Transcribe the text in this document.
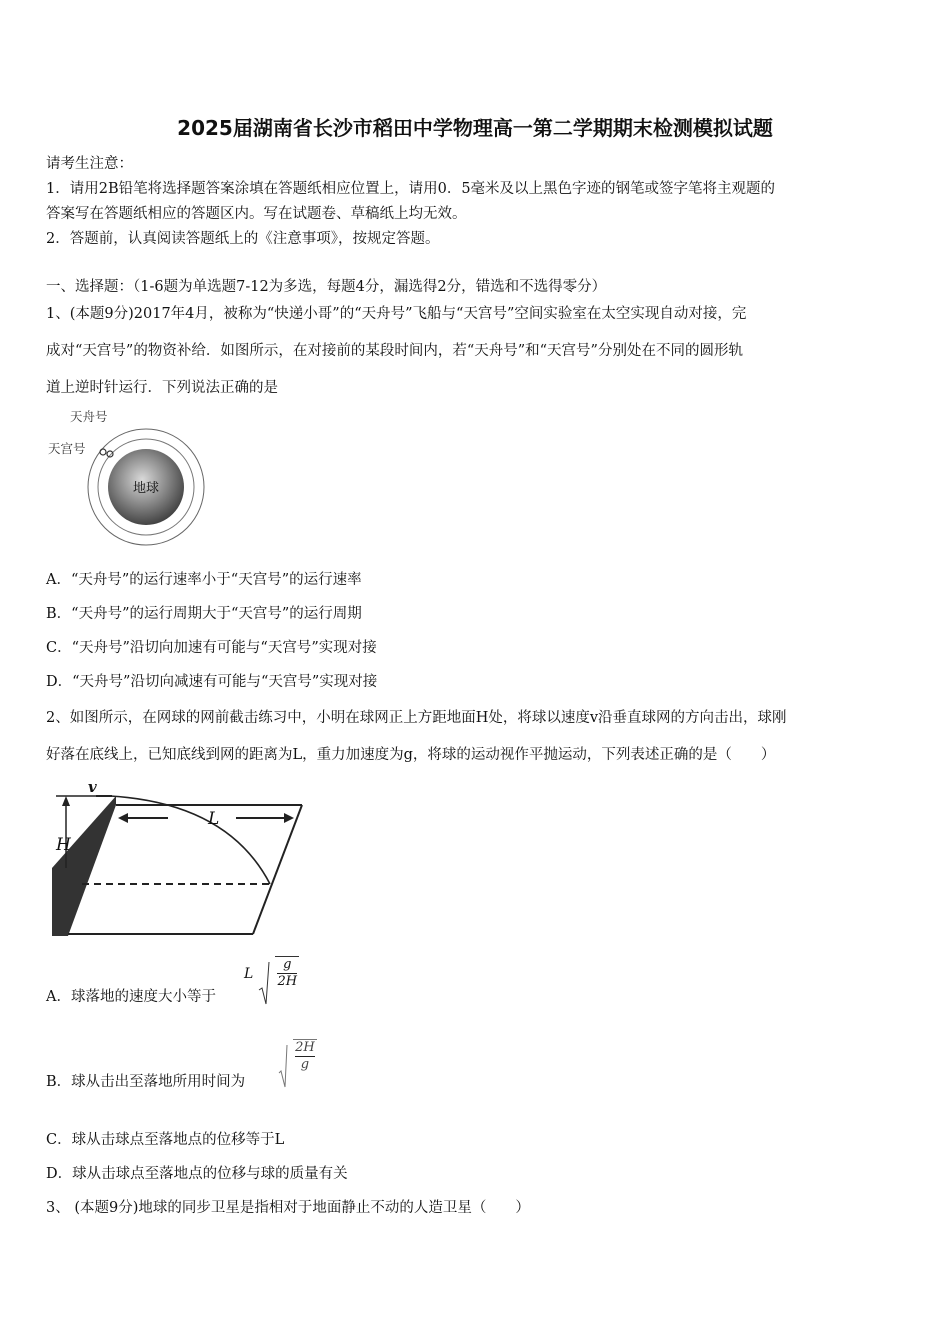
2025届湖南省长沙市稻田中学物理高一第二学期期末检测模拟试题
请考生注意：
1．请用2B铅笔将选择题答案涂填在答题纸相应位置上，请用0．5毫米及以上黑色字迹的钢笔或签字笔将主观题的
答案写在答题纸相应的答题区内。写在试题卷、草稿纸上均无效。
2．答题前，认真阅读答题纸上的《注意事项》，按规定答题。
一、选择题：（1-6题为单选题7-12为多选，每题4分，漏选得2分，错选和不选得零分）
1、(本题9分)2017年4月，被称为“快递小哥”的“天舟号”飞船与“天宫号”空间实验室在太空实现自动对接，完
成对“天宫号”的物资补给．如图所示，在对接前的某段时间内，若“天舟号”和“天宫号”分别处在不同的圆形轨
道上逆时针运行．下列说法正确的是
地球
天舟号
天宫号
A．“天舟号”的运行速率小于“天宫号”的运行速率
B．“天舟号”的运行周期大于“天宫号”的运行周期
C．“天舟号”沿切向加速有可能与“天宫号”实现对接
D．“天舟号”沿切向减速有可能与“天宫号”实现对接
2、如图所示，在网球的网前截击练习中，小明在球网正上方距地面H处，将球以速度v沿垂直球网的方向击出，球刚
好落在底线上，已知底线到网的距离为L，重力加速度为g，将球的运动视作平抛运动，下列表述正确的是（　　）
L
H
v
A．球落地的速度大小等于
L $\frac{g}{2H}$
B．球从击出至落地所用时间为

$\frac{2H}{g}$
C．球从击球点至落地点的位移等于L
D．球从击球点至落地点的位移与球的质量有关
3、 (本题9分)地球的同步卫星是指相对于地面静止不动的人造卫星（　　）
